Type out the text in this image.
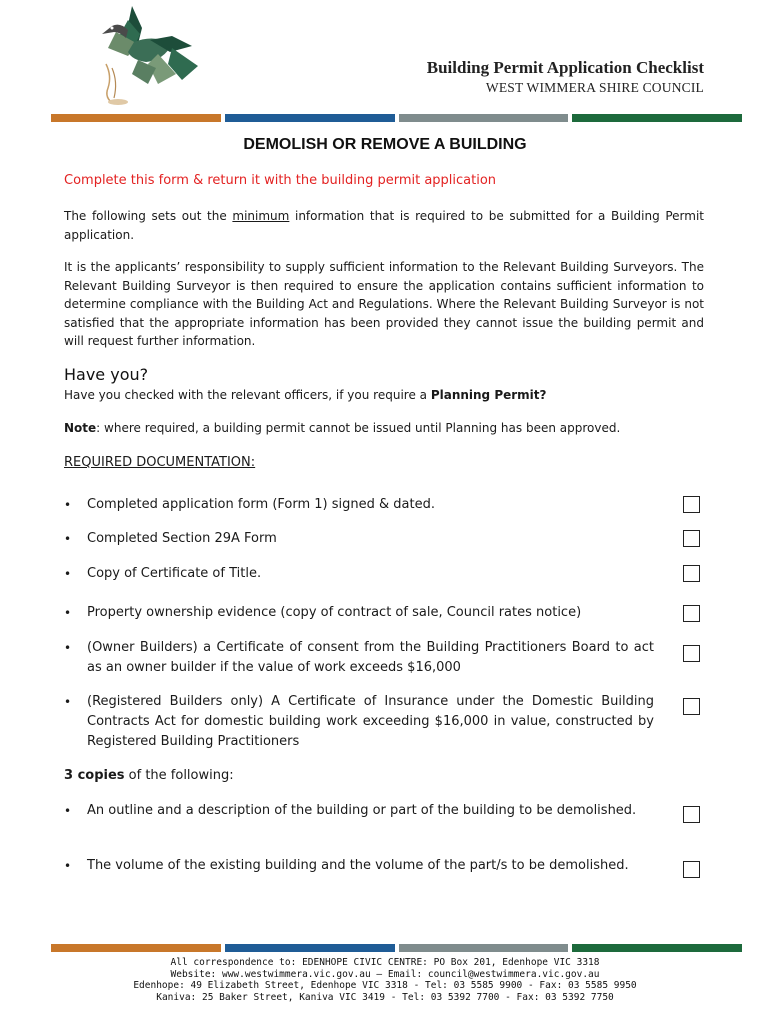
Building Permit Application Checklist
WEST WIMMERA SHIRE COUNCIL
DEMOLISH OR REMOVE A BUILDING
Complete this form & return it with the building permit application
The following sets out the minimum information that is required to be submitted for a Building Permit application.
It is the applicants’ responsibility to supply sufficient information to the Relevant Building Surveyors. The Relevant Building Surveyor is then required to ensure the application contains sufficient information to determine compliance with the Building Act and Regulations. Where the Relevant Building Surveyor is not satisfied that the appropriate information has been provided they cannot issue the building permit and will request further information.
Have you?
Have you checked with the relevant officers, if you require a Planning Permit?
Note: where required, a building permit cannot be issued until Planning has been approved.
REQUIRED DOCUMENTATION:
• Completed application form (Form 1) signed & dated.
• Completed Section 29A Form
• Copy of Certificate of Title.
• Property ownership evidence (copy of contract of sale, Council rates notice)
• (Owner Builders) a Certificate of consent from the Building Practitioners Board to act as an owner builder if the value of work exceeds $16,000
• (Registered Builders only) A Certificate of Insurance under the Domestic Building Contracts Act for domestic building work exceeding $16,000 in value, constructed by Registered Building Practitioners
3 copies of the following:
• An outline and a description of the building or part of the building to be demolished.
• The volume of the existing building and the volume of the part/s to be demolished.
All correspondence to: EDENHOPE CIVIC CENTRE: PO Box 201, Edenhope VIC 3318
Website: www.westwimmera.vic.gov.au – Email: council@westwimmera.vic.gov.au
Edenhope: 49 Elizabeth Street, Edenhope VIC 3318 - Tel: 03 5585 9900 - Fax: 03 5585 9950
Kaniva: 25 Baker Street, Kaniva VIC 3419 - Tel: 03 5392 7700 - Fax: 03 5392 7750
